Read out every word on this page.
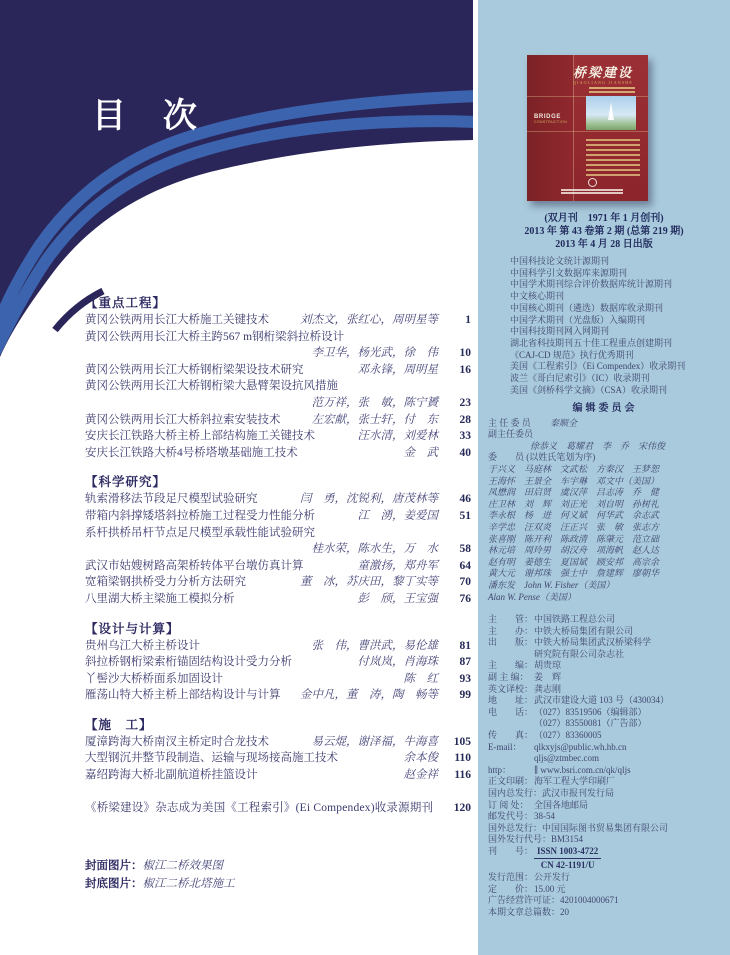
目  次
【重点工程】
黄冈公铁两用长江大桥施工关键技术	刘杰文，张红心，周明星等	1
黄冈公铁两用长江大桥主跨567 m钢桁梁斜拉桥设计
李卫华，杨光武，徐　伟	10
黄冈公铁两用长江大桥钢桁梁架设技术研究	邓永锋，周明星	16
黄冈公铁两用长江大桥钢桁梁大悬臂架设抗风措施
范万祥，张　敏，陈宁贇	23
黄冈公铁两用长江大桥斜拉索安装技术	左宏献，张士轩，付　东	28
安庆长江铁路大桥主桥上部结构施工关键技术	汪水清，刘爱林	33
安庆长江铁路大桥4号桥塔墩基础施工技术	金　武	40
【科学研究】
轨索滑移法节段足尺模型试验研究	闫　勇，沈锐利，唐茂林等	46
带箱内斜撑矮塔斜拉桥施工过程受力性能分析	江　湧，姜爱国	51
系杆拱桥吊杆节点足尺模型承载性能试验研究
桂水荣，陈水生，万　水	58
武汉市姑嫂树路高架桥转体平台墩仿真计算	童激扬，郑舟军	64
宽箱梁钢拱桥受力分析方法研究	董　冰，苏庆田，黎丁实等	70
八里湖大桥主梁施工模拟分析	彭　颀，王宝强	76
【设计与计算】
贵州乌江大桥主桥设计	张　伟，曹洪武，易伦雄	81
斜拉桥钢桁梁索桁锚固结构设计受力分析	付岚岚，肖海珠	87
丫髻沙大桥桥面系加固设计	陈　红	93
雁荡山特大桥主桥上部结构设计与计算 金中凡，董　涛，陶　畅等	99
【施　工】
厦漳跨海大桥南汊主桥定时合龙技术	易云焜，谢泽福，牛海喜	105
大型钢沉井整节段制造、运输与现场接高施工技术	余本俊	110
嘉绍跨海大桥北副航道桥挂篮设计	赵金祥	116
《桥梁建设》杂志成为美国《工程索引》(Ei Compendex)收录源期刊	120
封面图片： 椒江二桥效果图
封底图片： 椒江二桥北塔施工
桥梁建设
QIAOLIANG JIANSHE
BRIDGE
CONSTRUCTION
(双月刊　1971 年 1 月创刊)
2013 年 第 43 卷第 2 期 (总第 219 期)
2013 年 4 月 28 日出版
中国科技论文统计源期刊
中国科学引文数据库来源期刊
中国学术期刊综合评价数据库统计源期刊
中文核心期刊
中国核心期刊（遴选）数据库收录期刊
中国学术期刊（光盘版）入编期刊
中国科技期刊网入网期刊
湖北省科技期刊五十佳工程重点创建期刊
《CAJ-CD 规范》执行优秀期刊
美国《工程索引》（Ei Compendex）收录期刊
波兰《哥白尼索引》（IC）收录期刊
美国《剑桥科学文摘》（CSA）收录期刊
编辑委员会
主 任 委 员	秦顺全
副主任委员
徐恭义　葛耀君　李　乔　宋伟俊
委　　员 (以姓氏笔划为序)
于兴义　马庭林　文武松　方秦汉　王梦恕
王海怀　王景全　车宇琳　邓文中（美国）
凤懋润　田启贤　虞汉萍　吕志涛　乔　健
庄卫林　刘　辉　刘正光　刘自明　孙树礼
李永根　杨　进　何义斌　何华武　余志武
辛学忠　汪双炎　汪正兴　张　敏　张志方
张喜刚　陈开利　陈政清　陈肇元　范立础
林元培　周玲男　胡汉舟　项海帆　赵人达
赵有明　姜德生　夏国斌　顾安邦　高宗余
黄大元　谢邦珠　强士中　詹建辉　廖朝华
潘东发　John W. Fisher（美国）
Alan W. Pense（美国）
主　　管： 中国铁路工程总公司
主　　办： 中铁大桥局集团有限公司
出　　版： 中铁大桥局集团武汉桥梁科学
研究院有限公司杂志社
主　　编： 胡贵琼
副 主 编： 姜　辉
英文译校： 龚志刚
地　　址： 武汉市建设大道 103 号（430034）
电　　话： （027）83519506（编辑部）
（027）83550081（广告部）
传　　真： （027）83360005
E-mail：	qlkxyjs@public.wh.hb.cn
qljs@ztmbec.com
http：	∥ www.bsri.com.cn/qk/qljs
正文印刷： 海军工程大学印刷厂
国内总发行： 武汉市报刊发行局
订 阅 处： 全国各地邮局
邮发代号： 38-54
国外总发行： 中国国际图书贸易集团有限公司
国外发行代号： BM3154
刊　　号： ISSN 1003-4722
CN 42-1191/U
发行范围： 公开发行
定　　价： 15.00 元
广告经营许可证： 4201004000671
本期文章总篇数： 20
